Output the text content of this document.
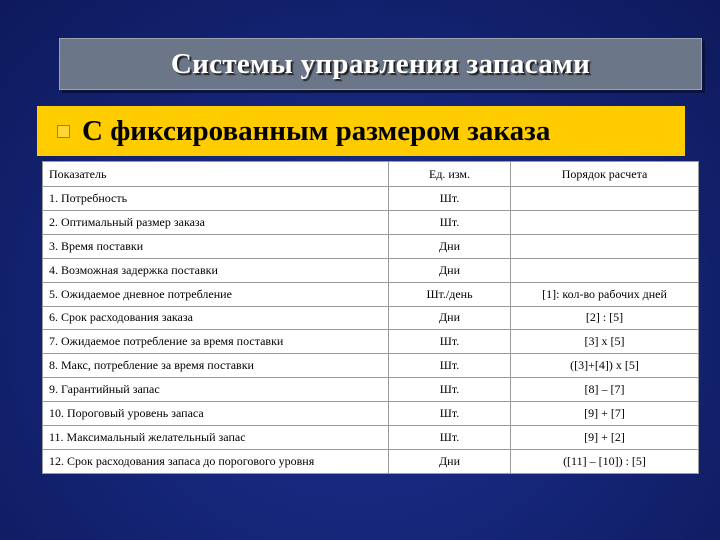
Системы управления запасами
С фиксированным размером заказа
Показатель	Ед. изм.	Порядок расчета
1. Потребность	Шт.	
2. Оптимальный размер заказа	Шт.	
3. Время поставки	Дни	
4. Возможная задержка поставки	Дни	
5. Ожидаемое дневное потребление	Шт./день	[1]: кол-во рабочих дней
6. Срок расходования заказа	Дни	[2] : [5]
7. Ожидаемое потребление за время поставки	Шт.	[3] х [5]
8. Макс, потребление за время поставки	Шт.	([3]+[4]) х [5]
9. Гарантийный запас	Шт.	[8] – [7]
10. Пороговый уровень запаса	Шт.	[9] + [7]
11. Максимальный желательный запас	Шт.	[9] + [2]
12. Срок расходования запаса до порогового уровня	Дни	([11] – [10]) : [5]
